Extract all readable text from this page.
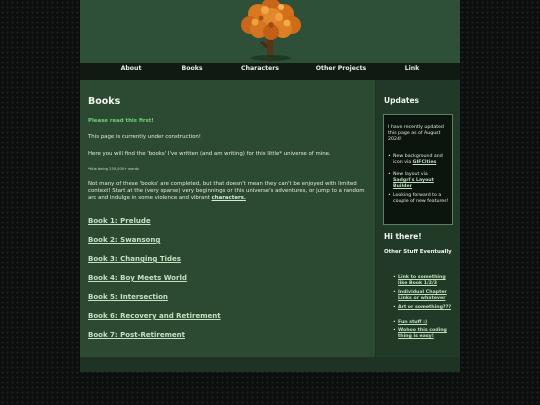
About	Books	Characters	Other Projects	Link
Books
Please read this first!
This page is currently under construction!
Here you will find the 'books' I've written (and am writing) for this little* universe of mine.
*title being 250,000+ words
Not many of these 'books' are completed, but that doesn't mean they can't be enjoyed with limited context! Start at the (very sparse) very beginnings or this universe's adventures, or jump to a random arc and indulge in some violence and vibrant characters.
Book 1: Prelude
Book 2: Swansong
Book 3: Changing Tides
Book 4: Boy Meets World
Book 5: Intersection
Book 6: Recovery and Retirement
Book 7: Post-Retirement
Updates
I have recently updated this page as of August 2024!
• New background and icon via GIFCities
• New layout via Sadgrl's Layout Builder
• Looking forward to a couple of new features!
Hi there!
Other Stuff Eventually
• Link to something like Book 1/2/3
• Individual Chapter Links or whatever
• Art or something???
• Fun stuff :)
• Wohoo this coding thing is easy!
